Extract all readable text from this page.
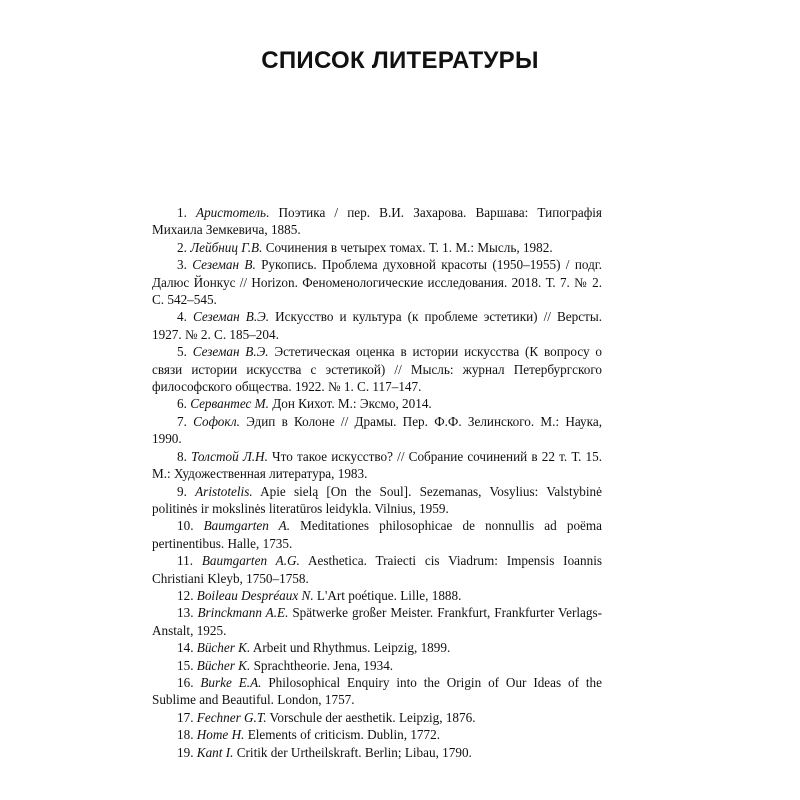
СПИСОК ЛИТЕРАТУРЫ
1. Аристотель. Поэтика / пер. В.И. Захарова. Варшава: Типографія Михаила Земкевича, 1885.
2. Лейбниц Г.В. Сочинения в четырех томах. Т. 1. М.: Мысль, 1982.
3. Сеземан В. Рукопись. Проблема духовной красоты (1950–1955) / подг. Далюс Йонкус // Horizon. Феноменологические исследования. 2018. Т. 7. № 2. С. 542–545.
4. Сеземан В.Э. Искусство и культура (к проблеме эстетики) // Версты. 1927. № 2. С. 185–204.
5. Сеземан В.Э. Эстетическая оценка в истории искусства (К вопросу о связи истории искусства с эстетикой) // Мысль: журнал Петербургского философского общества. 1922. № 1. С. 117–147.
6. Сервантес М. Дон Кихот. М.: Эксмо, 2014.
7. Софокл. Эдип в Колоне // Драмы. Пер. Ф.Ф. Зелинского. М.: Наука, 1990.
8. Толстой Л.Н. Что такое искусство? // Собрание сочинений в 22 т. Т. 15. М.: Художественная литература, 1983.
9. Aristotelis. Apie sielą [On the Soul]. Sezemanas, Vosylius: Valstybinė politinės ir mokslinės literatūros leidykla. Vilnius, 1959.
10. Baumgarten A. Meditationes philosophicae de nonnullis ad poёma pertinentibus. Halle, 1735.
11. Baumgarten A.G. Aesthetica. Traiecti cis Viadrum: Impensis Ioannis Christiani Kleyb, 1750–1758.
12. Boileau Despréaux N. L'Art poétique. Lille, 1888.
13. Brinckmann A.E. Spätwerke großer Meister. Frankfurt, Frankfurter Verlags-Anstalt, 1925.
14. Bücher K. Arbeit und Rhythmus. Leipzig, 1899.
15. Bücher K. Sprachtheorie. Jena, 1934.
16. Burke E.A. Philosophical Enquiry into the Origin of Our Ideas of the Sublime and Beautiful. London, 1757.
17. Fechner G.T. Vorschule der aesthetik. Leipzig, 1876.
18. Home H. Elements of criticism. Dublin, 1772.
19. Kant I. Critik der Urtheilskraft. Berlin; Libau, 1790.
